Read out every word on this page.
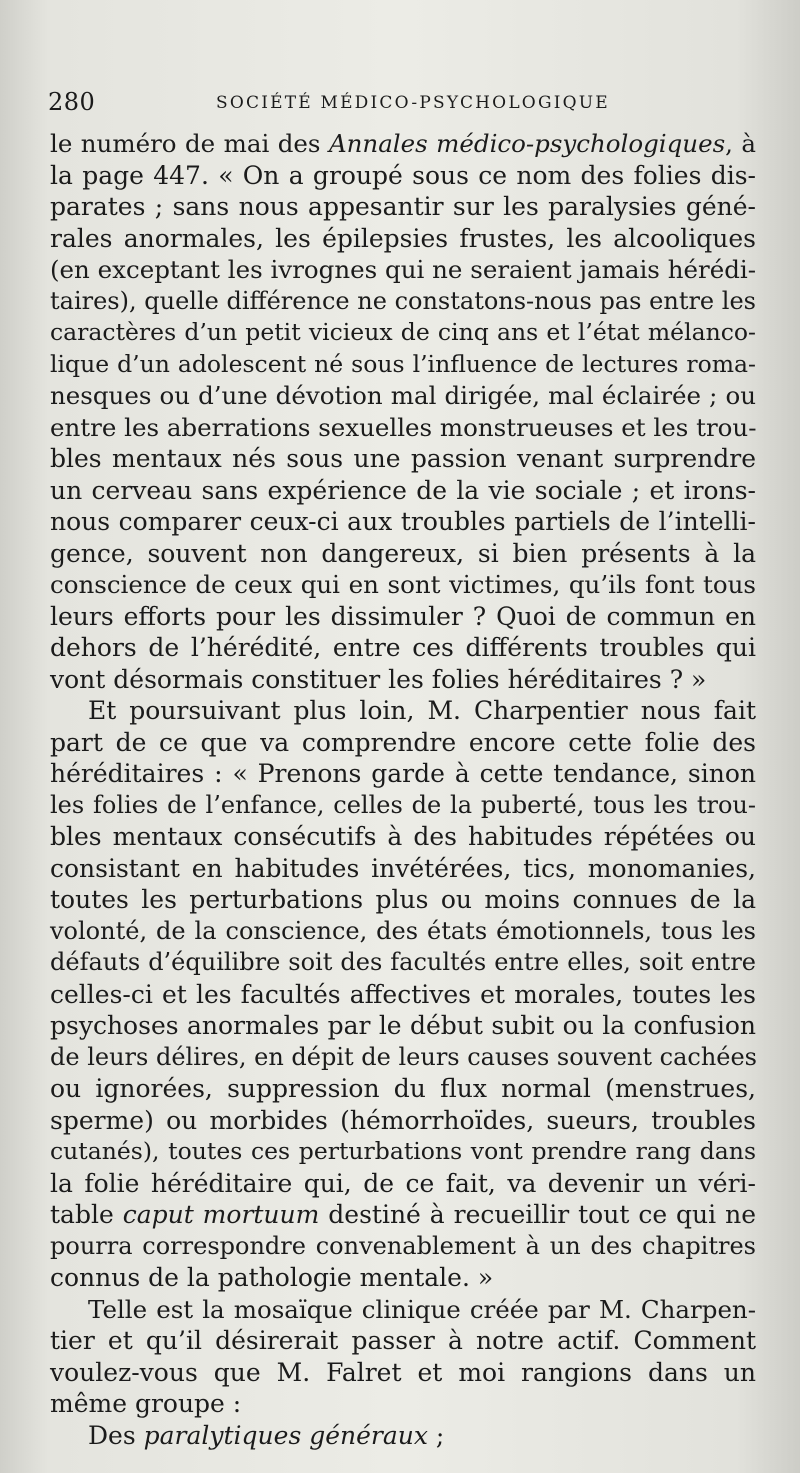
280	SOCIÉTÉ MÉDICO-PSYCHOLOGIQUE
le numéro de mai des Annales médico-psychologiques, à
la page 447. « On a groupé sous ce nom des folies dis-
parates ; sans nous appesantir sur les paralysies géné-
rales anormales, les épilepsies frustes, les alcooliques
(en exceptant les ivrognes qui ne seraient jamais hérédi-
taires), quelle différence ne constatons-nous pas entre les
caractères d’un petit vicieux de cinq ans et l’état mélanco-
lique d’un adolescent né sous l’influence de lectures roma-
nesques ou d’une dévotion mal dirigée, mal éclairée ; ou
entre les aberrations sexuelles monstrueuses et les trou-
bles mentaux nés sous une passion venant surprendre
un cerveau sans expérience de la vie sociale ; et irons-
nous comparer ceux-ci aux troubles partiels de l’intelli-
gence, souvent non dangereux, si bien présents à la
conscience de ceux qui en sont victimes, qu’ils font tous
leurs efforts pour les dissimuler ? Quoi de commun en
dehors de l’hérédité, entre ces différents troubles qui
vont désormais constituer les folies héréditaires ? »
Et poursuivant plus loin, M. Charpentier nous fait
part de ce que va comprendre encore cette folie des
héréditaires : « Prenons garde à cette tendance, sinon
les folies de l’enfance, celles de la puberté, tous les trou-
bles mentaux consécutifs à des habitudes répétées ou
consistant en habitudes invétérées, tics, monomanies,
toutes les perturbations plus ou moins connues de la
volonté, de la conscience, des états émotionnels, tous les
défauts d’équilibre soit des facultés entre elles, soit entre
celles-ci et les facultés affectives et morales, toutes les
psychoses anormales par le début subit ou la confusion
de leurs délires, en dépit de leurs causes souvent cachées
ou ignorées, suppression du flux normal (menstrues,
sperme) ou morbides (hémorrhoïdes, sueurs, troubles
cutanés), toutes ces perturbations vont prendre rang dans
la folie héréditaire qui, de ce fait, va devenir un véri-
table caput mortuum destiné à recueillir tout ce qui ne
pourra correspondre convenablement à un des chapitres
connus de la pathologie mentale. »
Telle est la mosaïque clinique créée par M. Charpen-
tier et qu’il désirerait passer à notre actif. Comment
voulez-vous que M. Falret et moi rangions dans un
même groupe :
Des paralytiques généraux ;
